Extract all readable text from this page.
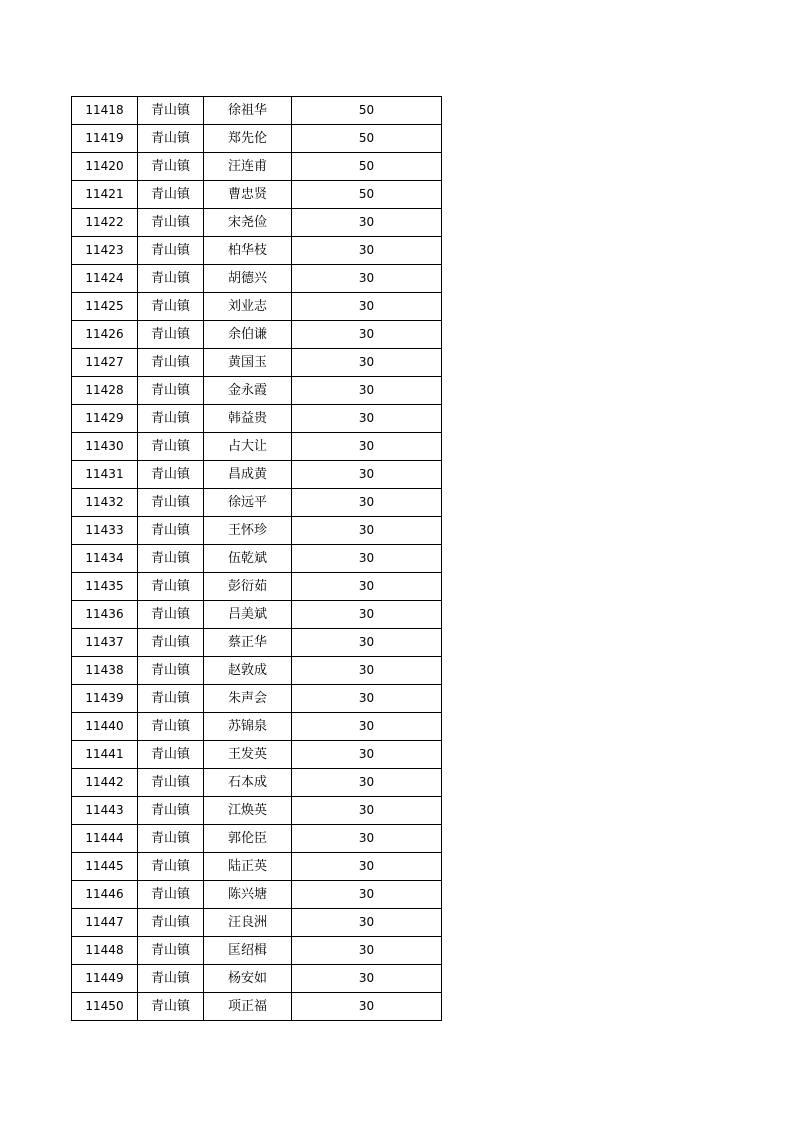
11418	青山镇	徐祖华	50
11419	青山镇	郑先伦	50
11420	青山镇	汪连甫	50
11421	青山镇	曹忠贤	50
11422	青山镇	宋尧俭	30
11423	青山镇	柏华枝	30
11424	青山镇	胡德兴	30
11425	青山镇	刘业志	30
11426	青山镇	余伯谦	30
11427	青山镇	黄国玉	30
11428	青山镇	金永霞	30
11429	青山镇	韩益贵	30
11430	青山镇	占大让	30
11431	青山镇	昌成黄	30
11432	青山镇	徐远平	30
11433	青山镇	王怀珍	30
11434	青山镇	伍乾斌	30
11435	青山镇	彭衍茹	30
11436	青山镇	吕美斌	30
11437	青山镇	蔡正华	30
11438	青山镇	赵敦成	30
11439	青山镇	朱声会	30
11440	青山镇	苏锦泉	30
11441	青山镇	王发英	30
11442	青山镇	石本成	30
11443	青山镇	江焕英	30
11444	青山镇	郭伦臣	30
11445	青山镇	陆正英	30
11446	青山镇	陈兴塘	30
11447	青山镇	汪良洲	30
11448	青山镇	匡绍楫	30
11449	青山镇	杨安如	30
11450	青山镇	项正福	30
